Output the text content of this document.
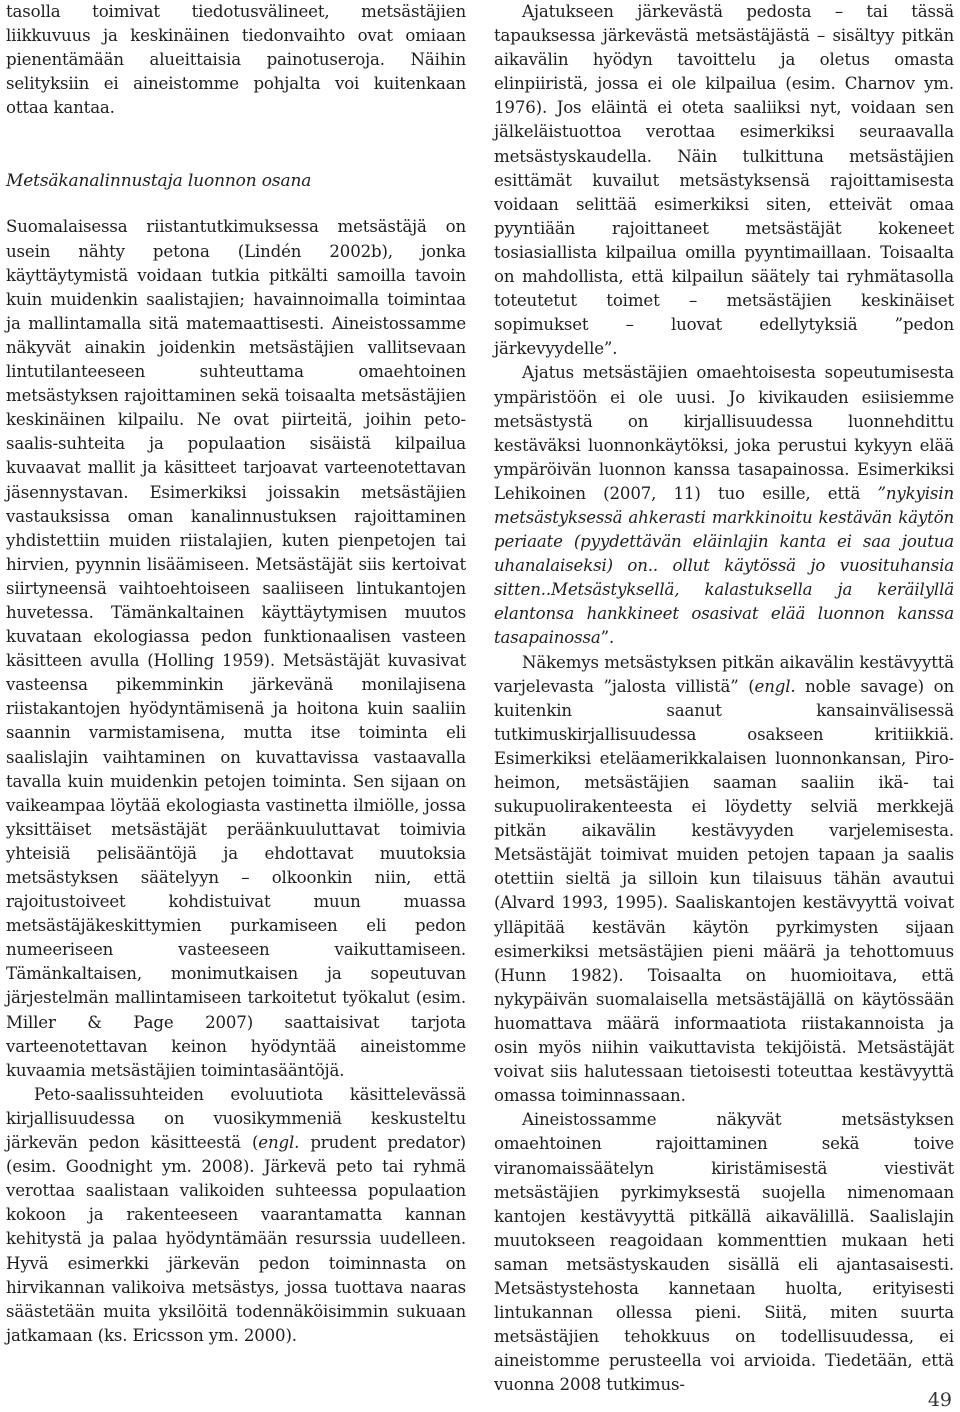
tasolla toimivat tiedotusvälineet, metsästäjien liikkuvuus ja keskinäinen tiedonvaihto ovat omiaan pienentämään alueittaisia painotuseroja. Näihin selityksiin ei aineistomme pohjalta voi kuitenkaan ottaa kantaa.

Metsäkanalinnustaja luonnon osana

Suomalaisessa riistantutkimuksessa metsästäjä on usein nähty petona (Lindén 2002b), jonka käyttäytymistä voidaan tutkia pitkälti samoilla tavoin kuin muidenkin saalistajien; havainnoimalla toimintaa ja mallintamalla sitä matemaattisesti. Aineistossamme näkyvät ainakin joidenkin metsästäjien vallitsevaan lintutilanteeseen suhteuttama omaehtoinen metsästyksen rajoittaminen sekä toisaalta metsästäjien keskinäinen kilpailu. Ne ovat piirteitä, joihin peto-saalis-suhteita ja populaation sisäistä kilpailua kuvaavat mallit ja käsitteet tarjoavat varteenotettavan jäsennystavan. Esimerkiksi joissakin metsästäjien vastauksissa oman kanalinnustuksen rajoittaminen yhdistettiin muiden riistalajien, kuten pienpetojen tai hirvien, pyynnin lisäämiseen. Metsästäjät siis kertoivat siirtyneensä vaihtoehtoiseen saaliiseen lintukantojen huvetessa. Tämänkaltainen käyttäytymisen muutos kuvataan ekologiassa pedon funktionaalisen vasteen käsitteen avulla (Holling 1959). Metsästäjät kuvasivat vasteensa pikemminkin järkevänä monilajisena riistakantojen hyödyntämisenä ja hoitona kuin saaliin saannin varmistamisena, mutta itse toiminta eli saalislajin vaihtaminen on kuvattavissa vastaavalla tavalla kuin muidenkin petojen toiminta. Sen sijaan on vaikeampaa löytää ekologiasta vastinetta ilmiölle, jossa yksittäiset metsästäjät peräänkuuluttavat toimivia yhteisiä pelisääntöjä ja ehdottavat muutoksia metsästyksen säätelyyn – olkoonkin niin, että rajoitustoiveet kohdistuivat muun muassa metsästäjäkeskittymien purkamiseen eli pedon numeeriseen vasteeseen vaikuttamiseen. Tämänkaltaisen, monimutkaisen ja sopeutuvan järjestelmän mallintamiseen tarkoitetut työkalut (esim. Miller & Page 2007) saattaisivat tarjota varteenotettavan keinon hyödyntää aineistomme kuvaamia metsästäjien toimintasääntöjä.

Peto-saalissuhteiden evoluutiota käsittelevässä kirjallisuudessa on vuosikymmeniä keskusteltu järkevän pedon käsitteestä (engl. prudent predator) (esim. Goodnight ym. 2008). Järkevä peto tai ryhmä verottaa saalistaan valikoiden suhteessa populaation kokoon ja rakenteeseen vaarantamatta kannan kehitystä ja palaa hyödyntämään resurssia uudelleen. Hyvä esimerkki järkevän pedon toiminnasta on hirvikannan valikoiva metsästys, jossa tuottava naaras säästetään muita yksilöitä todennäköisimmin sukuaan jatkamaan (ks. Ericsson ym. 2000).

Ajatukseen järkevästä pedosta – tai tässä tapauksessa järkevästä metsästäjästä – sisältyy pitkän aikavälin hyödyn tavoittelu ja oletus omasta elinpiiristä, jossa ei ole kilpailua (esim. Charnov ym. 1976). Jos eläintä ei oteta saaliiksi nyt, voidaan sen jälkeläistuottoa verottaa esimerkiksi seuraavalla metsästyskaudella. Näin tulkittuna metsästäjien esittämät kuvailut metsästyksensä rajoittamisesta voidaan selittää esimerkiksi siten, etteivät omaa pyyntiään rajoittaneet metsästäjät kokeneet tosiasiallista kilpailua omilla pyyntimaillaan. Toisaalta on mahdollista, että kilpailun säätely tai ryhmätasolla toteutetut toimet – metsästäjien keskinäiset sopimukset – luovat edellytyksiä ”pedon järkevyydelle”.

Ajatus metsästäjien omaehtoisesta sopeutumisesta ympäristöön ei ole uusi. Jo kivikauden esiisiemme metsästystä on kirjallisuudessa luonnehdittu kestäväksi luonnonkäytöksi, joka perustui kykyyn elää ympäröivän luonnon kanssa tasapainossa. Esimerkiksi Lehikoinen (2007, 11) tuo esille, että ”nykyisin metsästyksessä ahkerasti markkinoitu kestävän käytön periaate (pyydettävän eläinlajin kanta ei saa joutua uhanalaiseksi) on.. ollut käytössä jo vuosituhansia sitten..Metsästyksellä, kalastuksella ja keräilyllä elantonsa hankkineet osasivat elää luonnon kanssa tasapainossa”.

Näkemys metsästyksen pitkän aikavälin kestävyyttä varjelevasta ”jalosta villistä” (engl. noble savage) on kuitenkin saanut kansainvälisessä tutkimuskirjallisuudessa osakseen kritiikkiä. Esimerkiksi eteläamerikkalaisen luonnonkansan, Piro-heimon, metsästäjien saaman saaliin ikä- tai sukupuolirakenteesta ei löydetty selviä merkkejä pitkän aikavälin kestävyyden varjelemisesta. Metsästäjät toimivat muiden petojen tapaan ja saalis otettiin sieltä ja silloin kun tilaisuus tähän avautui (Alvard 1993, 1995). Saaliskantojen kestävyyttä voivat ylläpitää kestävän käytön pyrkimysten sijaan esimerkiksi metsästäjien pieni määrä ja tehottomuus (Hunn 1982). Toisaalta on huomioitava, että nykypäivän suomalaisella metsästäjällä on käytössään huomattava määrä informaatiota riistakannoista ja osin myös niihin vaikuttavista tekijöistä. Metsästäjät voivat siis halutessaan tietoisesti toteuttaa kestävyyttä omassa toiminnassaan.

Aineistossamme näkyvät metsästyksen omaehtoinen rajoittaminen sekä toive viranomaissäätelyn kiristämisestä viestivät metsästäjien pyrkimyksestä suojella nimenomaan kantojen kestävyyttä pitkällä aikavälillä. Saalislajin muutokseen reagoidaan kommenttien mukaan heti saman metsästyskauden sisällä eli ajantasaisesti. Metsästystehosta kannetaan huolta, erityisesti lintukannan ollessa pieni. Siitä, miten suurta metsästäjien tehokkuus on todellisuudessa, ei aineistomme perusteella voi arvioida. Tiedetään, että vuonna 2008 tutkimus-

49
